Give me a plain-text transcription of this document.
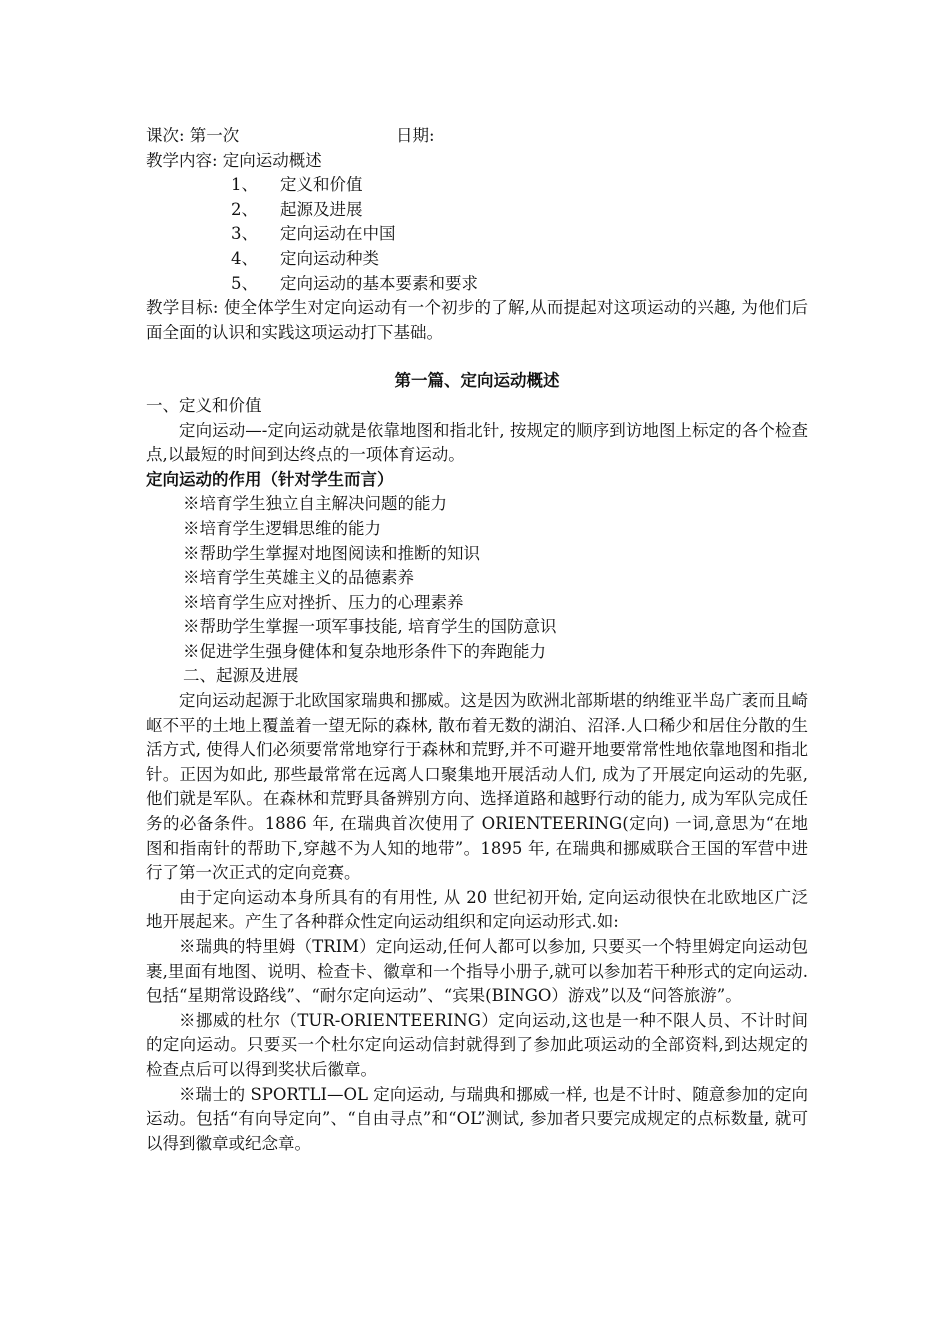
课次: 第一次	日期:
教学内容: 定向运动概述
1、 定义和价值
2、 起源及进展
3、 定向运动在中国
4、 定向运动种类
5、 定向运动的基本要素和要求
教学目标: 使全体学生对定向运动有一个初步的了解,从而提起对这项运动的兴趣, 为他们后面全面的认识和实践这项运动打下基础。
第一篇、定向运动概述
一、定义和价值
定向运动—-定向运动就是依靠地图和指北针, 按规定的顺序到访地图上标定的各个检查点,以最短的时间到达终点的一项体育运动。
定向运动的作用（针对学生而言）
※培育学生独立自主解决问题的能力
※培育学生逻辑思维的能力
※帮助学生掌握对地图阅读和推断的知识
※培育学生英雄主义的品德素养
※培育学生应对挫折、压力的心理素养
※帮助学生掌握一项军事技能, 培育学生的国防意识
※促进学生强身健体和复杂地形条件下的奔跑能力
二、起源及进展
定向运动起源于北欧国家瑞典和挪威。这是因为欧洲北部斯堪的纳维亚半岛广袤而且崎岖不平的土地上覆盖着一望无际的森林, 散布着无数的湖泊、沼泽.人口稀少和居住分散的生活方式, 使得人们必须要常常地穿行于森林和荒野,并不可避开地要常常性地依靠地图和指北针。正因为如此, 那些最常常在远离人口聚集地开展活动人们, 成为了开展定向运动的先驱,他们就是军队。在森林和荒野具备辨别方向、选择道路和越野行动的能力, 成为军队完成任务的必备条件。1886 年, 在瑞典首次使用了 ORIENTEERING(定向) 一词,意思为“在地图和指南针的帮助下,穿越不为人知的地带”。1895 年, 在瑞典和挪威联合王国的军营中进行了第一次正式的定向竞赛。
由于定向运动本身所具有的有用性, 从 20 世纪初开始, 定向运动很快在北欧地区广泛地开展起来。产生了各种群众性定向运动组织和定向运动形式.如:
※瑞典的特里姆（TRIM）定向运动,任何人都可以参加, 只要买一个特里姆定向运动包裹,里面有地图、说明、检查卡、徽章和一个指导小册子,就可以参加若干种形式的定向运动.包括“星期常设路线”、“耐尔定向运动”、“宾果(BINGO）游戏”以及“问答旅游”。
※挪威的杜尔（TUR-ORIENTEERING）定向运动,这也是一种不限人员、不计时间的定向运动。只要买一个杜尔定向运动信封就得到了参加此项运动的全部资料,到达规定的检查点后可以得到奖状后徽章。
※瑞士的 SPORTLI—OL 定向运动, 与瑞典和挪威一样, 也是不计时、随意参加的定向运动。包括“有向导定向”、“自由寻点”和“OL”测试, 参加者只要完成规定的点标数量, 就可以得到徽章或纪念章。
